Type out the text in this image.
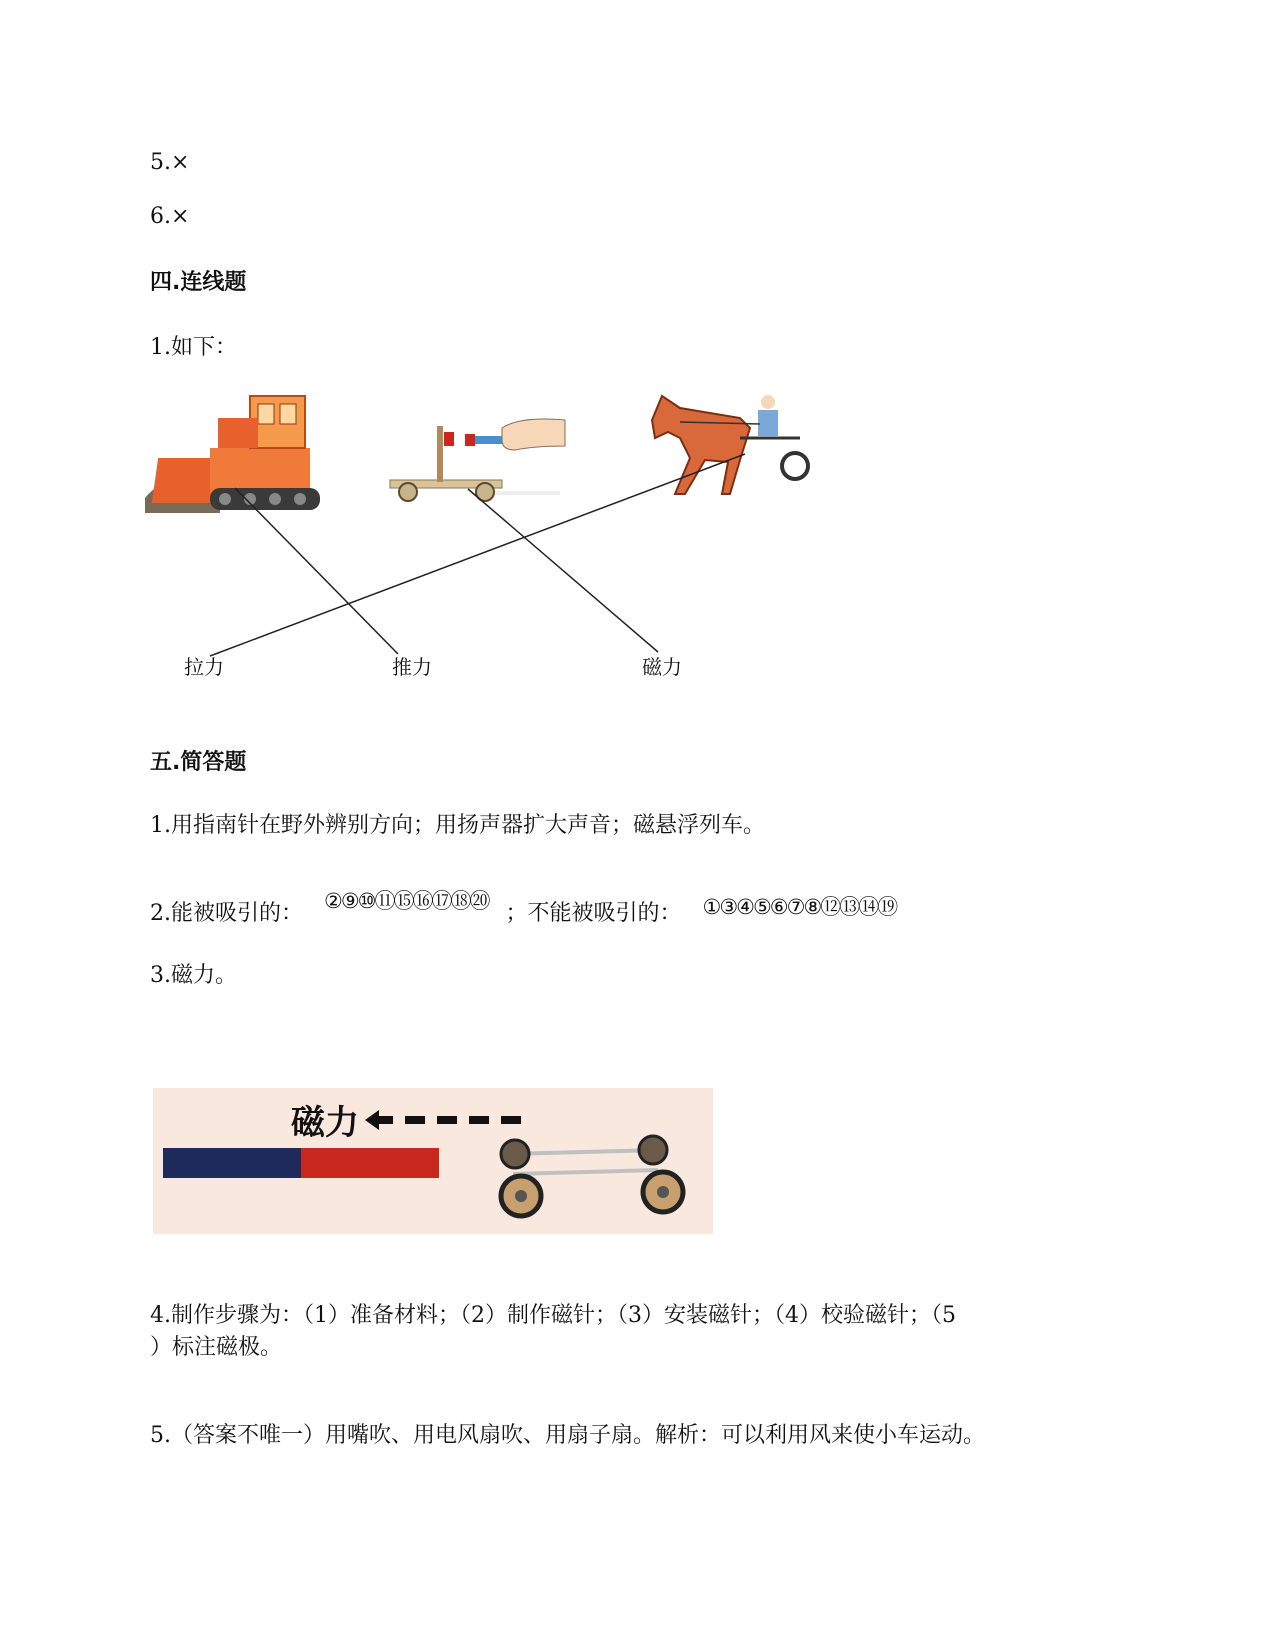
5.×
6.×
四.连线题
1.如下：
拉力	推力	磁力
五.简答题
1.用指南针在野外辨别方向；用扬声器扩大声音；磁悬浮列车。
2.能被吸引的： ②⑨⑩⑪⑮⑯⑰⑱⑳ ；不能被吸引的： ①③④⑤⑥⑦⑧⑫⑬⑭⑲
3.磁力。
磁力
4.制作步骤为：（1）准备材料；（2）制作磁针；（3）安装磁针；（4）校验磁针；（5
）标注磁极。
5.（答案不唯一）用嘴吹、用电风扇吹、用扇子扇。解析：可以利用风来使小车运动。
